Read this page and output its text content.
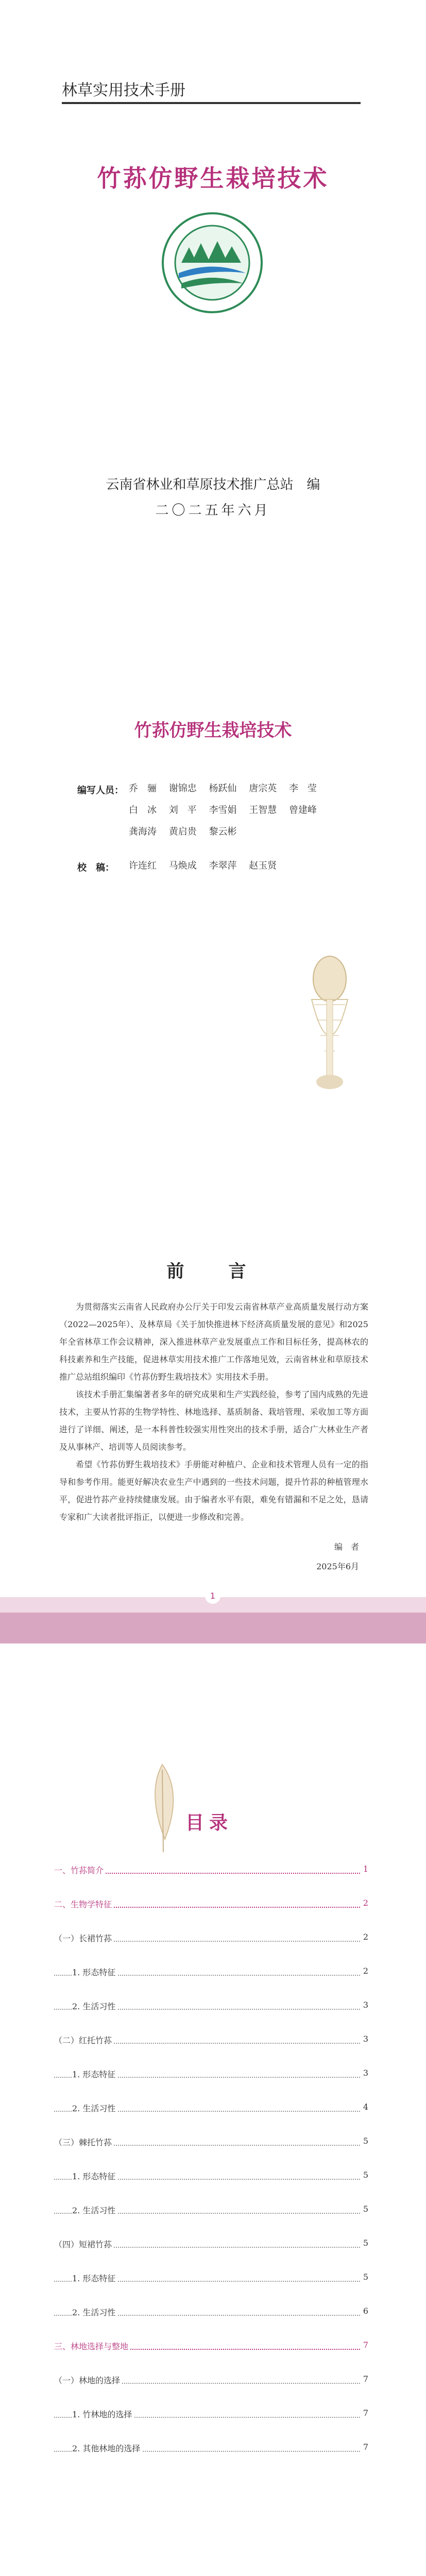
林草实用技术手册
竹荪仿野生栽培技术
云南省林业和草原技术推广总站　编
二〇二五年六月
竹荪仿野生栽培技术
编写人员： 乔　骊 谢锦忠 杨跃仙 唐宗英 李　莹 白　冰 刘　平 李雪娟 王智慧 曾建峰 龚海涛 黄启贵 黎云彬
校　稿： 许连红 马焕成 李翠萍 赵玉贤
前　言

为贯彻落实云南省人民政府办公厅关于印发云南省林草产业高质量发展行动方案（2022—2025年）、及林草局《关于加快推进林下经济高质量发展的意见》和2025年全省林草工作会议精神，深入推进林草产业发展重点工作和目标任务，提高林农的科技素养和生产技能，促进林草实用技术推广工作落地见效，云南省林业和草原技术推广总站组织编印《竹荪仿野生栽培技术》实用技术手册。

该技术手册汇集编著者多年的研究成果和生产实践经验，参考了国内成熟的先进技术，主要从竹荪的生物学特性、林地选择、基质制备、栽培管理、采收加工等方面进行了详细、阐述，是一本科普性较强实用性突出的技术手册，适合广大林业生产者及从事林产、培训等人员阅读参考。

希望《竹荪仿野生栽培技术》手册能对种植户、企业和技术管理人员有一定的指导和参考作用。能更好解决农业生产中遇到的一些技术问题，提升竹荪的种植管理水平，促进竹荪产业持续健康发展。由于编者水平有限，难免有错漏和不足之处，恳请专家和广大读者批评指正，以便进一步修改和完善。

编　者
2025年6月
1
目录
一、竹荪简介	1
二、生物学特征	2
（一）长裙竹荪	2
1. 形态特征	2
2. 生活习性	3
（二）红托竹荪	3
1. 形态特征	3
2. 生活习性	4
（三）棘托竹荪	5
1. 形态特征	5
2. 生活习性	5
（四）短裙竹荪	5
1. 形态特征	5
2. 生活习性	6
三、林地选择与整地	7
（一）林地的选择	7
1. 竹林地的选择	7
2. 其他林地的选择	7
